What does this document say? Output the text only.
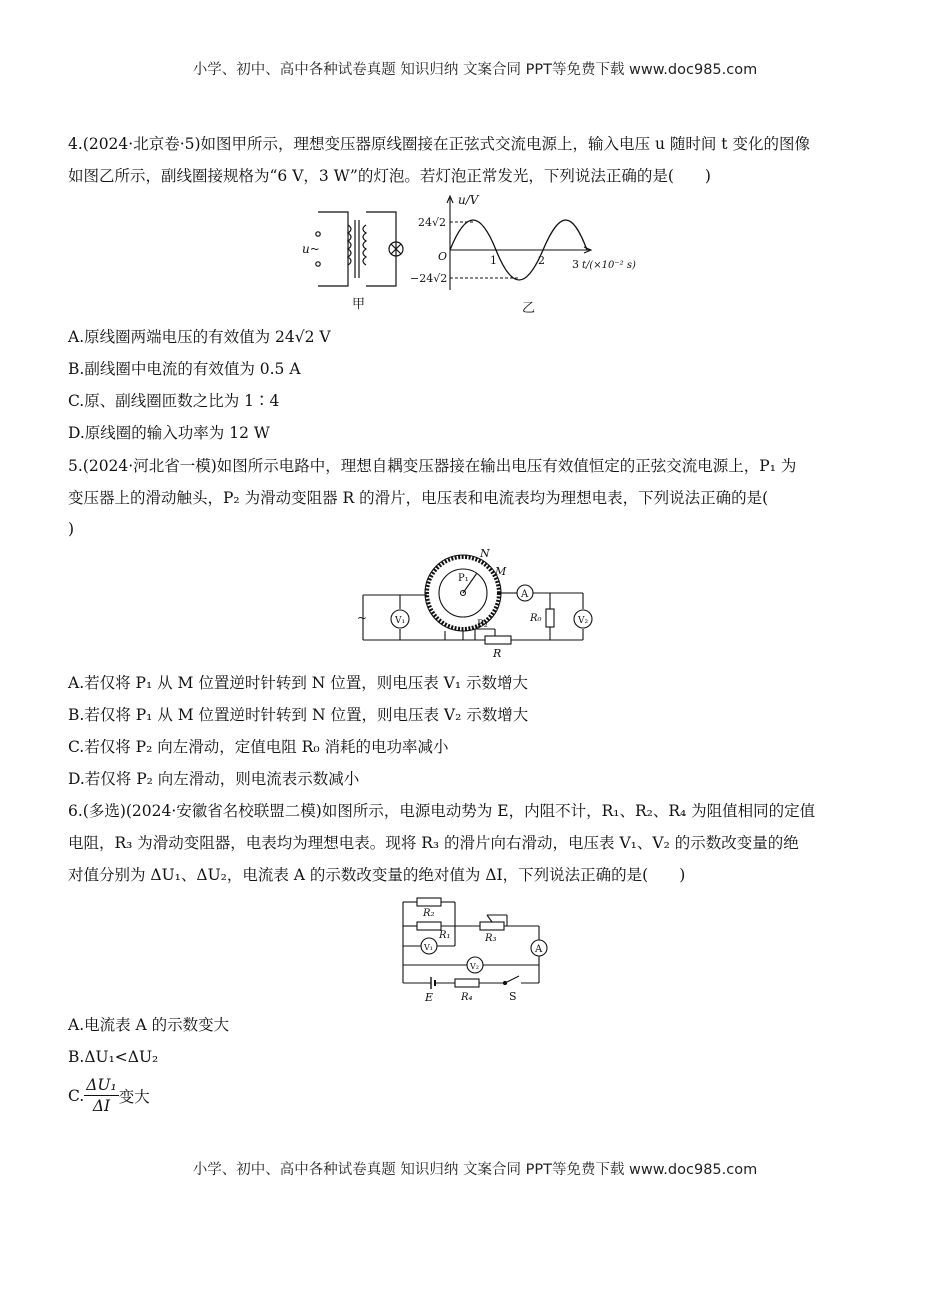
小学、初中、高中各种试卷真题 知识归纳 文案合同 PPT等免费下载 www.doc985.com
4.(2024·北京卷·5)如图甲所示，理想变压器原线圈接在正弦式交流电源上，输入电压 u 随时间 t 变化的图像
如图乙所示，副线圈接规格为“6 V，3 W”的灯泡。若灯泡正常发光，下列说法正确的是(　　)
u~
甲
u/V
24√2
−24√2
O	1	2 3 t/(×10⁻² s)
乙
A.原线圈两端电压的有效值为 24√2 V
B.副线圈中电流的有效值为 0.5 A
C.原、副线圈匝数之比为 1∶4
D.原线圈的输入功率为 12 W
5.(2024·河北省一模)如图所示电路中，理想自耦变压器接在输出电压有效值恒定的正弦交流电源上，P₁ 为
变压器上的滑动触头，P₂ 为滑动变阻器 R 的滑片，电压表和电流表均为理想电表，下列说法正确的是(
)
~	V₁	V₂
A
N
M
P₁
P₂
R₀
R
A.若仅将 P₁ 从 M 位置逆时针转到 N 位置，则电压表 V₁ 示数增大
B.若仅将 P₁ 从 M 位置逆时针转到 N 位置，则电压表 V₂ 示数增大
C.若仅将 P₂ 向左滑动，定值电阻 R₀ 消耗的电功率减小
D.若仅将 P₂ 向左滑动，则电流表示数减小
6.(多选)(2024·安徽省名校联盟二模)如图所示，电源电动势为 E，内阻不计，R₁、R₂、R₄ 为阻值相同的定值
电阻，R₃ 为滑动变阻器，电表均为理想电表。现将 R₃ 的滑片向右滑动，电压表 V₁、V₂ 的示数改变量的绝
对值分别为 ΔU₁、ΔU₂，电流表 A 的示数改变量的绝对值为 ΔI，下列说法正确的是(　　)
R₂
R₁	R₃
V₁
V₂
A
E	R₄	S
A.电流表 A 的示数变大
B.ΔU₁<ΔU₂
C. $\frac{\text{ΔU₁}}{\Delta I}$ 变大
小学、初中、高中各种试卷真题 知识归纳 文案合同 PPT等免费下载 www.doc985.com
